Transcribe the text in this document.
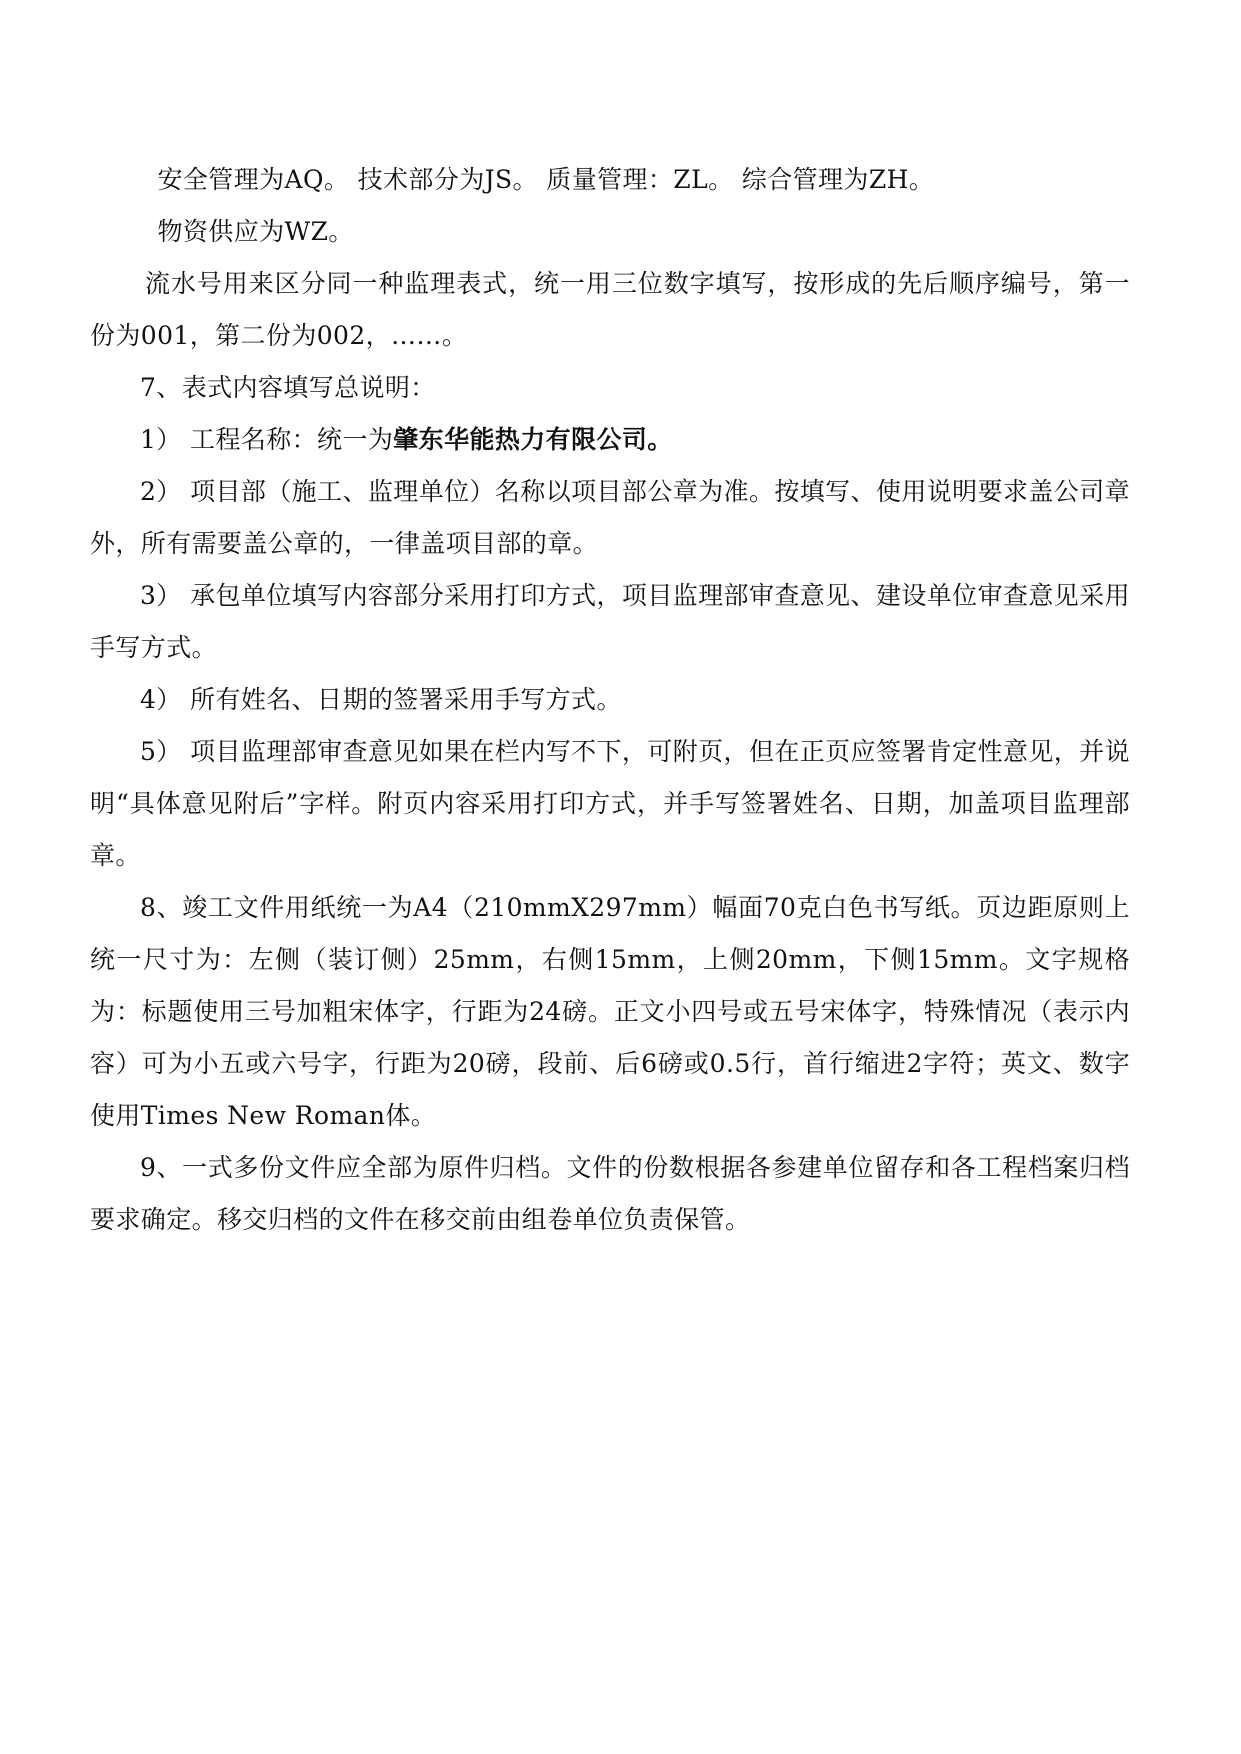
安全管理为AQ。 技术部分为JS。 质量管理：ZL。 综合管理为ZH。

物资供应为WZ。

流水号用来区分同一种监理表式，统一用三位数字填写，按形成的先后顺序编号，第一份为001，第二份为002，……。

7、表式内容填写总说明：

1） 工程名称：统一为肇东华能热力有限公司。

2） 项目部（施工、监理单位）名称以项目部公章为准。按填写、使用说明要求盖公司章外，所有需要盖公章的，一律盖项目部的章。

3） 承包单位填写内容部分采用打印方式，项目监理部审查意见、建设单位审查意见采用手写方式。

4） 所有姓名、日期的签署采用手写方式。

5） 项目监理部审查意见如果在栏内写不下，可附页，但在正页应签署肯定性意见，并说明“具体意见附后”字样。附页内容采用打印方式，并手写签署姓名、日期，加盖项目监理部章。

8、竣工文件用纸统一为A4（210mmX297mm）幅面70克白色书写纸。页边距原则上统一尺寸为：左侧（装订侧）25mm，右侧15mm，上侧20mm，下侧15mm。文字规格为：标题使用三号加粗宋体字，行距为24磅。正文小四号或五号宋体字，特殊情况（表示内容）可为小五或六号字，行距为20磅，段前、后6磅或0.5行，首行缩进2字符；英文、数字使用Times New Roman体。

9、一式多份文件应全部为原件归档。文件的份数根据各参建单位留存和各工程档案归档要求确定。移交归档的文件在移交前由组卷单位负责保管。
